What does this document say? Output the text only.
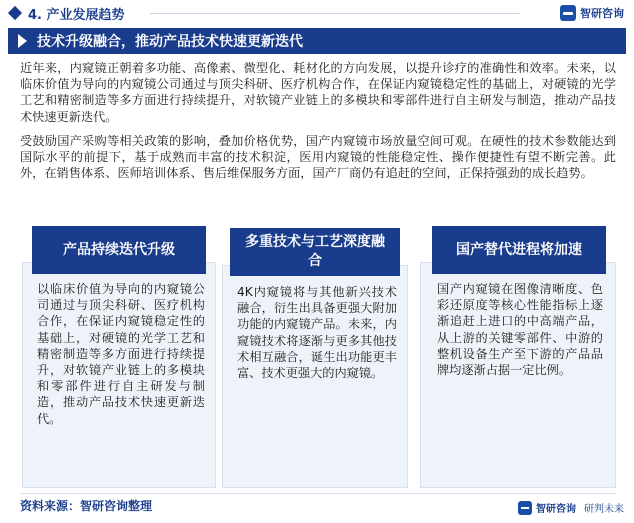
4. 产业发展趋势	智研咨询
技术升级融合，推动产品技术快速更新迭代

近年来，内窥镜正朝着多功能、高像素、微型化、耗材化的方向发展，以提升诊疗的准确性和效率。未来，以临床价值为导向的内窥镜公司通过与顶尖科研、医疗机构合作，在保证内窥镜稳定性的基础上，对硬镜的光学工艺和精密制造等多方面进行持续提升，对软镜产业链上的多模块和零部件进行自主研发与制造，推动产品技术快速更新迭代。

受鼓励国产采购等相关政策的影响，叠加价格优势，国产内窥镜市场放量空间可观。在硬性的技术参数能达到国际水平的前提下，基于成熟而丰富的技术积淀，医用内窥镜的性能稳定性、操作便捷性有望不断完善。此外，在销售体系、医师培训体系、售后维保服务方面，国产厂商仍有追赶的空间，正保持强劲的成长趋势。

以临床价值为导向的内窥镜公司通过与顶尖科研、医疗机构合作，在保证内窥镜稳定性的基础上，对硬镜的光学工艺和精密制造等多方面进行持续提升，对软镜产业链上的多模块和零部件进行自主研发与制造，推动产品技术快速更新迭代。

产品持续迭代升级

4K内窥镜将与其他新兴技术融合，衍生出具备更强大附加功能的内窥镜产品。未来，内窥镜技术将逐渐与更多其他技术相互融合，诞生出功能更丰富、技术更强大的内窥镜。

多重技术与工艺深度融合

国产内窥镜在图像清晰度、色彩还原度等核心性能指标上逐渐追赶上进口的中高端产品，从上游的关键零部件、中游的整机设备生产至下游的产品品牌均逐渐占据一定比例。

国产替代进程将加速
资料来源：智研咨询整理	智研咨询 研判未来
